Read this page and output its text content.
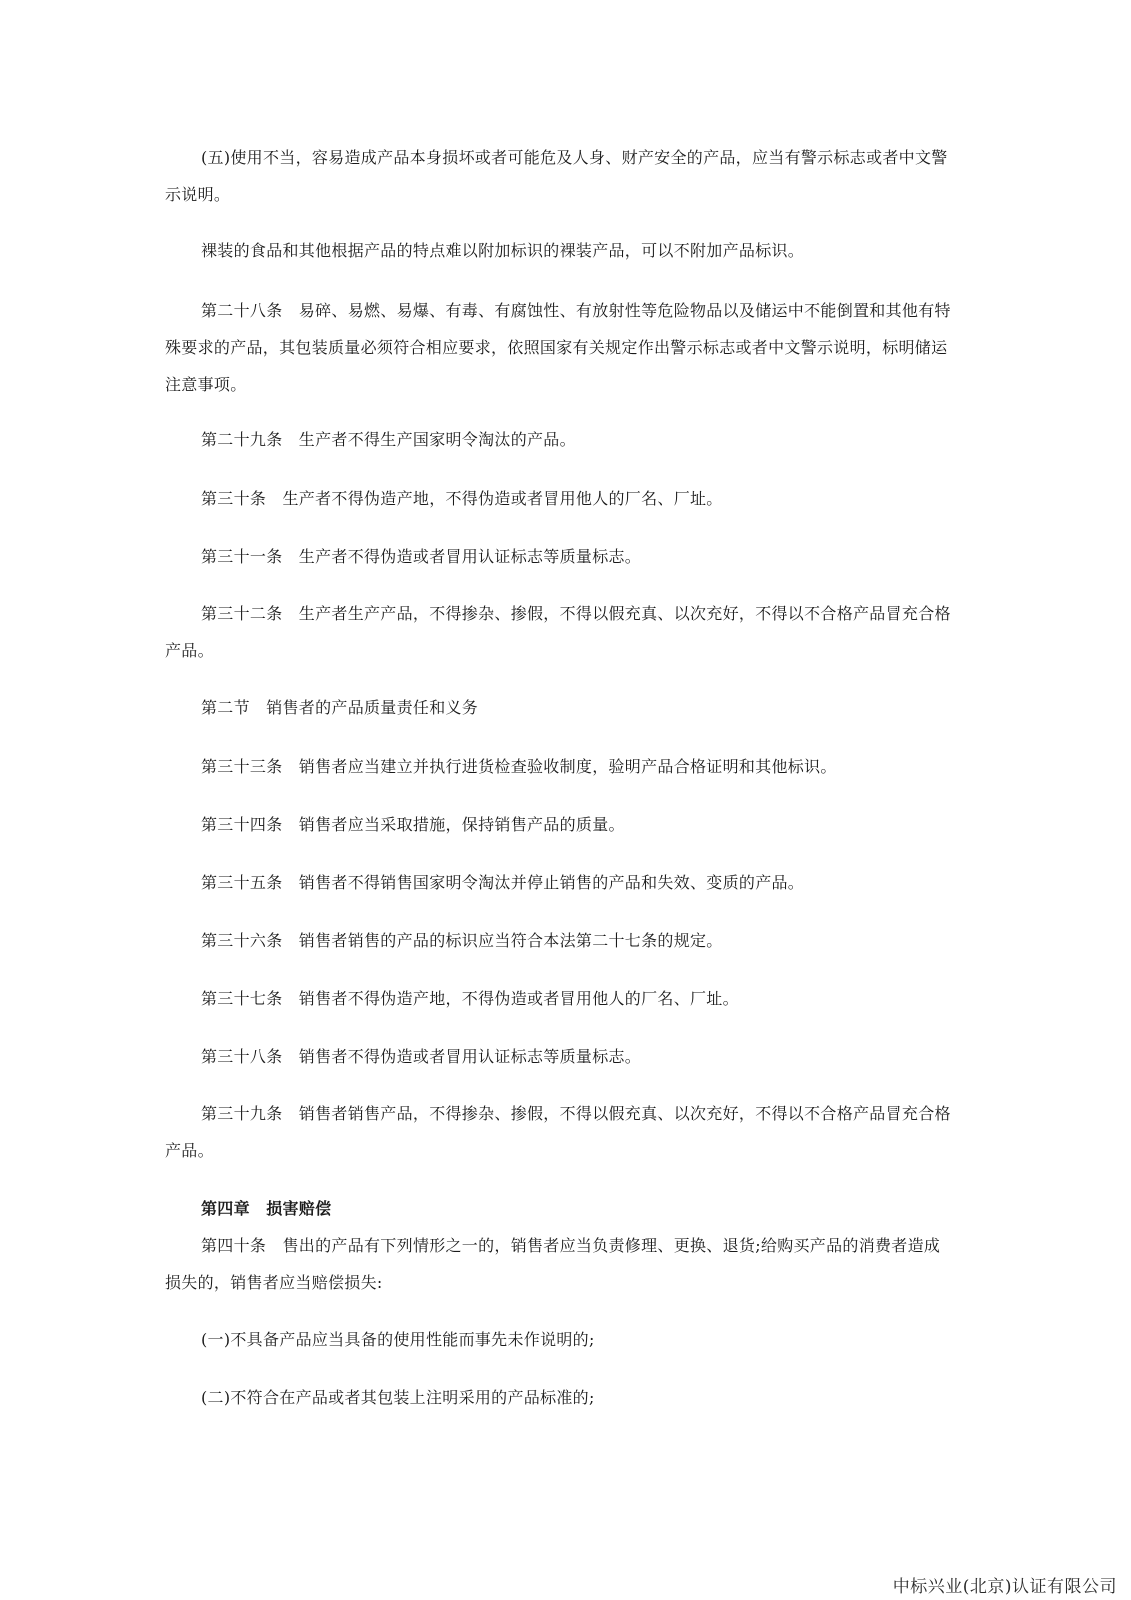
(五)使用不当，容易造成产品本身损坏或者可能危及人身、财产安全的产品，应当有警示标志或者中文警示说明。

裸装的食品和其他根据产品的特点难以附加标识的裸装产品，可以不附加产品标识。

第二十八条　易碎、易燃、易爆、有毒、有腐蚀性、有放射性等危险物品以及储运中不能倒置和其他有特殊要求的产品，其包装质量必须符合相应要求，依照国家有关规定作出警示标志或者中文警示说明，标明储运注意事项。

第二十九条　生产者不得生产国家明令淘汰的产品。

第三十条　生产者不得伪造产地，不得伪造或者冒用他人的厂名、厂址。

第三十一条　生产者不得伪造或者冒用认证标志等质量标志。

第三十二条　生产者生产产品，不得掺杂、掺假，不得以假充真、以次充好，不得以不合格产品冒充合格产品。

第二节　销售者的产品质量责任和义务

第三十三条　销售者应当建立并执行进货检查验收制度，验明产品合格证明和其他标识。

第三十四条　销售者应当采取措施，保持销售产品的质量。

第三十五条　销售者不得销售国家明令淘汰并停止销售的产品和失效、变质的产品。

第三十六条　销售者销售的产品的标识应当符合本法第二十七条的规定。

第三十七条　销售者不得伪造产地，不得伪造或者冒用他人的厂名、厂址。

第三十八条　销售者不得伪造或者冒用认证标志等质量标志。

第三十九条　销售者销售产品，不得掺杂、掺假，不得以假充真、以次充好，不得以不合格产品冒充合格产品。

第四章　损害赔偿

第四十条　售出的产品有下列情形之一的，销售者应当负责修理、更换、退货;给购买产品的消费者造成损失的，销售者应当赔偿损失:

(一)不具备产品应当具备的使用性能而事先未作说明的;

(二)不符合在产品或者其包装上注明采用的产品标准的;

中标兴业(北京)认证有限公司
